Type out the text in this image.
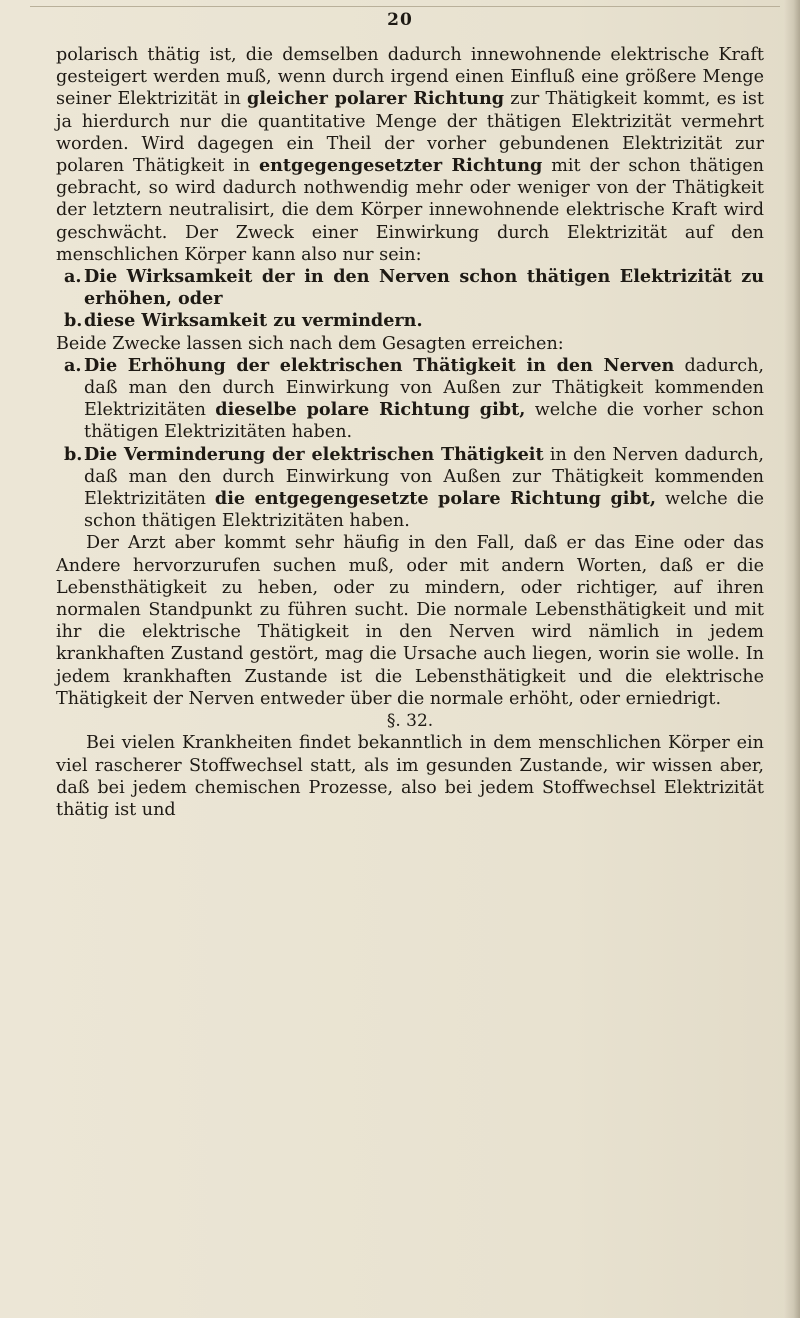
20

polarisch thätig ist, die demselben dadurch innewohnende elektrische Kraft gesteigert werden muß, wenn durch irgend einen Einfluß eine größere Menge seiner Elektrizität in gleicher polarer Richtung zur Thätigkeit kommt, es ist ja hierdurch nur die quantitative Menge der thätigen Elektrizität vermehrt worden. Wird dagegen ein Theil der vorher gebundenen Elektrizität zur polaren Thätigkeit in entgegengesetzter Richtung mit der schon thätigen gebracht, so wird dadurch nothwendig mehr oder weniger von der Thätigkeit der letztern neutralisirt, die dem Körper innewohnende elektrische Kraft wird geschwächt. Der Zweck einer Einwirkung durch Elektrizität auf den menschlichen Körper kann also nur sein:

a. Die Wirksamkeit der in den Nerven schon thätigen Elektrizität zu erhöhen, oder

b. diese Wirksamkeit zu vermindern.

Beide Zwecke lassen sich nach dem Gesagten erreichen:

a. Die Erhöhung der elektrischen Thätigkeit in den Nerven dadurch, daß man den durch Einwirkung von Außen zur Thätigkeit kommenden Elektrizitäten dieselbe polare Richtung gibt, welche die vorher schon thätigen Elektrizitäten haben.

b. Die Verminderung der elektrischen Thätigkeit in den Nerven dadurch, daß man den durch Einwirkung von Außen zur Thätigkeit kommenden Elektrizitäten die entgegengesetzte polare Richtung gibt, welche die schon thätigen Elektrizitäten haben.

Der Arzt aber kommt sehr häufig in den Fall, daß er das Eine oder das Andere hervorzurufen suchen muß, oder mit andern Worten, daß er die Lebensthätigkeit zu heben, oder zu mindern, oder richtiger, auf ihren normalen Standpunkt zu führen sucht. Die normale Lebensthätigkeit und mit ihr die elektrische Thätigkeit in den Nerven wird nämlich in jedem krankhaften Zustand gestört, mag die Ursache auch liegen, worin sie wolle. In jedem krankhaften Zustande ist die Lebensthätigkeit und die elektrische Thätigkeit der Nerven entweder über die normale erhöht, oder erniedrigt.

§. 32.

Bei vielen Krankheiten findet bekanntlich in dem menschlichen Körper ein viel rascherer Stoffwechsel statt, als im gesunden Zustande, wir wissen aber, daß bei jedem chemischen Prozesse, also bei jedem Stoffwechsel Elektrizität thätig ist und
